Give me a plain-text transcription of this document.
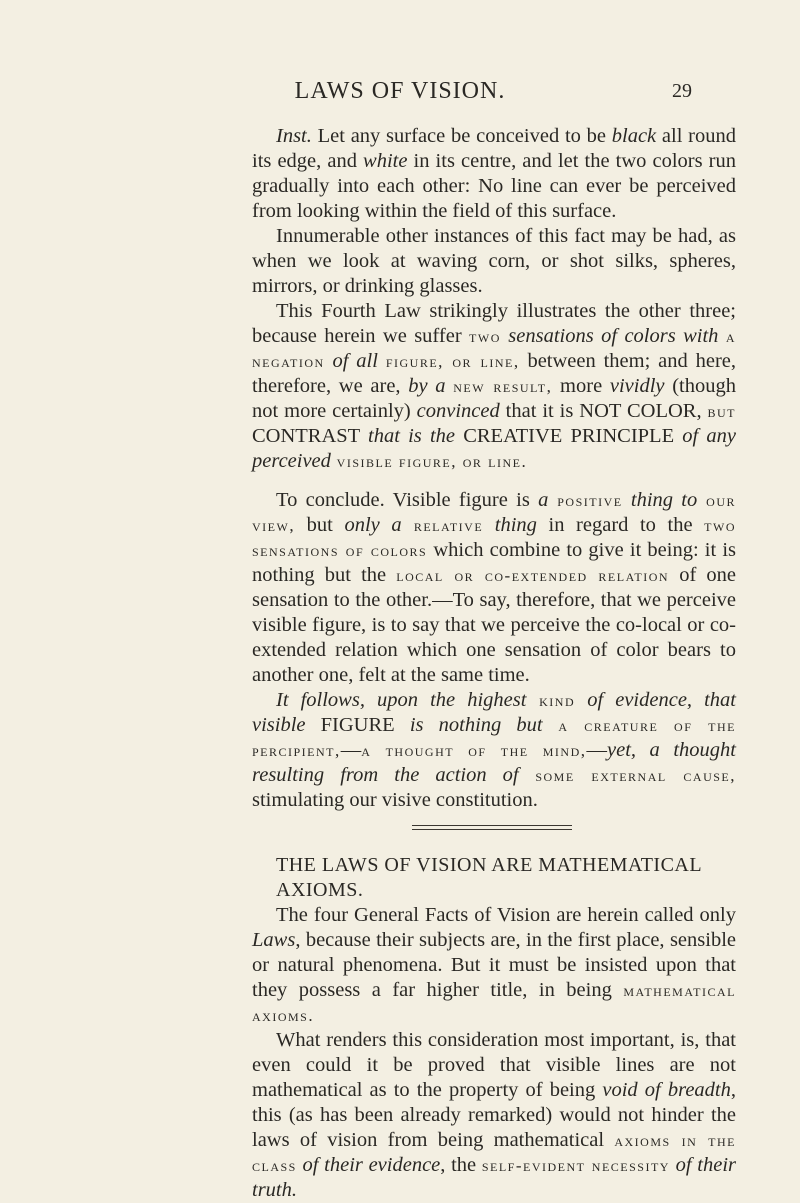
LAWS OF VISION.	29

Inst. Let any surface be conceived to be black all round its edge, and white in its centre, and let the two colors run gradually into each other: No line can ever be perceived from looking within the field of this surface.

Innumerable other instances of this fact may be had, as when we look at waving corn, or shot silks, spheres, mirrors, or drinking glasses.

This Fourth Law strikingly illustrates the other three; because herein we suffer two sensations of colors with a negation of all figure, or line, between them; and here, therefore, we are, by a new result, more vividly (though not more certainly) convinced that it is NOT COLOR, but CONTRAST that is the CREATIVE PRINCIPLE of any perceived visible figure, or line.

To conclude. Visible figure is a positive thing to our view, but only a relative thing in regard to the two sensations of colors which combine to give it being: it is nothing but the local or co-extended relation of one sensation to the other.—To say, therefore, that we perceive visible figure, is to say that we perceive the co-local or co-extended relation which one sensation of color bears to another one, felt at the same time.

It follows, upon the highest kind of evidence, that visible FIGURE is nothing but a creature of the percipient,—a thought of the mind,—yet, a thought resulting from the action of some external cause, stimulating our visive constitution.

THE LAWS OF VISION ARE MATHEMATICAL AXIOMS.

The four General Facts of Vision are herein called only Laws, because their subjects are, in the first place, sensible or natural phenomena. But it must be insisted upon that they possess a far higher title, in being mathematical axioms.

What renders this consideration most important, is, that even could it be proved that visible lines are not mathematical as to the property of being void of breadth, this (as has been already remarked) would not hinder the laws of vision from being mathematical axioms in the class of their evidence, the self-evident necessity of their truth.
